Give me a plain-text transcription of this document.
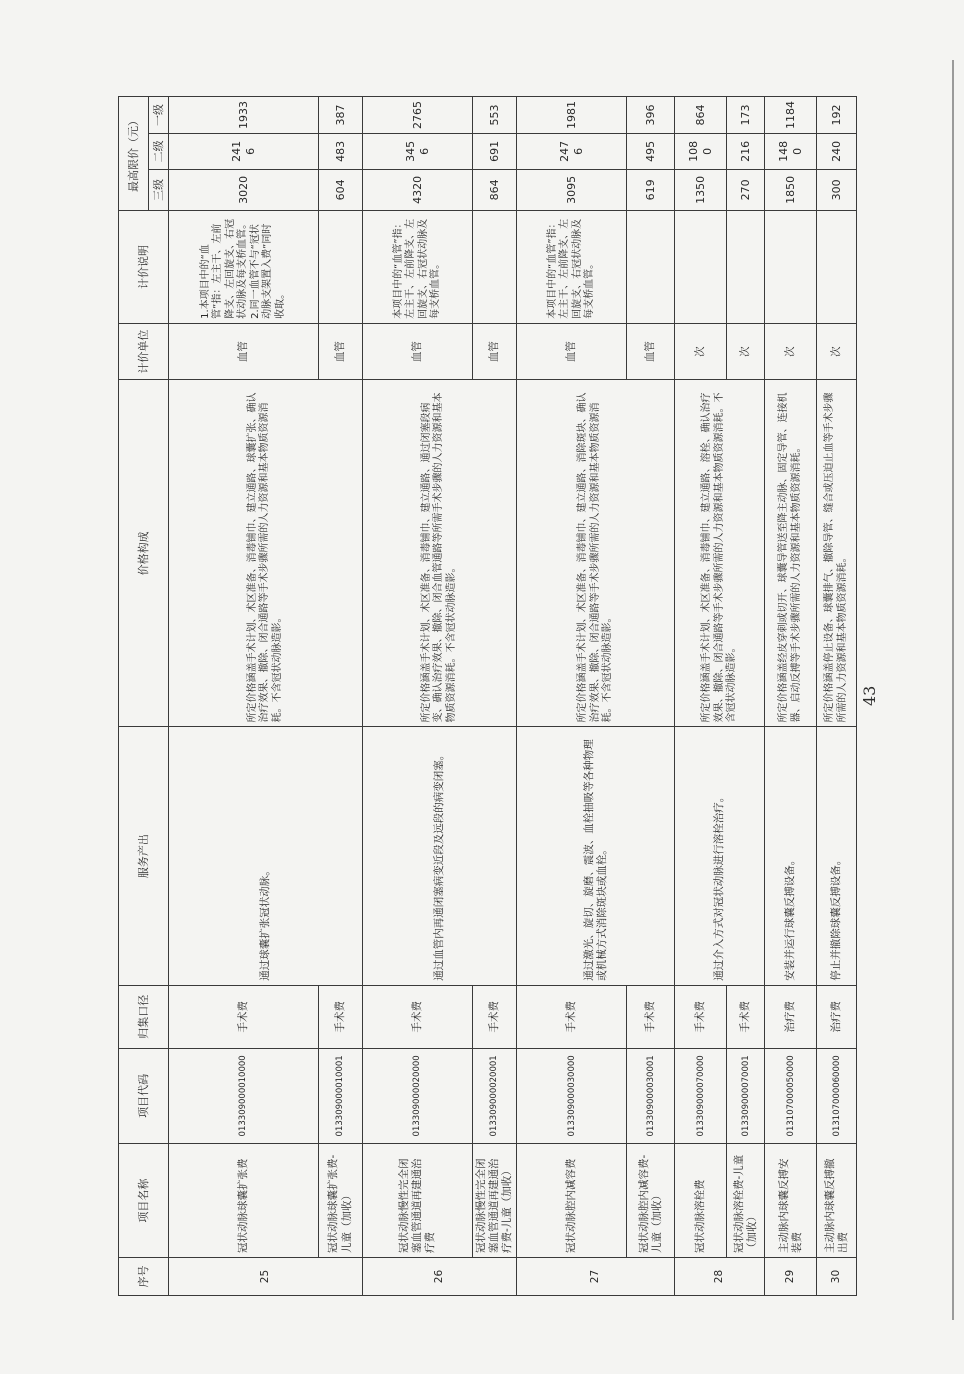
序号	项目名称	项目代码	归集口径	服务产出	价格构成	计价单位	计价说明	最高限价（元）		
								三级	二级	一级
25	冠状动脉球囊扩张费	013309000010000	手术费	通过球囊扩张冠状动脉。	所定价格涵盖手术计划、术区准备、消毒铺巾、建立通路、球囊扩张、确认治疗效果、撤除、闭合通路等手术步骤所需的人力资源和基本物质资源消耗。不含冠状动脉造影。	血管	1.本项目中的“血管”指：左主干、左前降支、左回旋支、右冠状动脉及每支桥血管。2.同一血管不与“冠状动脉支架置入费”同时收取。	3020	2416	1933
	冠状动脉球囊扩张费-儿童（加收）	013309000010001	手术费			血管		604	483	387
26	冠状动脉慢性完全闭塞血管通道再建通治疗费	013309000020000	手术费	通过血管内再通闭塞病变近段及远段的病变闭塞。	所定价格涵盖手术计划、术区准备、消毒铺巾、建立通路、通过闭塞段病变、确认治疗效果、撤除、闭合血管通路等所需手术步骤的人力资源和基本物质资源消耗。不含冠状动脉造影。	血管	本项目中的“血管”指：左主干、左前降支、左回旋支、右冠状动脉及每支桥血管。	4320	3456	2765
	冠状动脉慢性完全闭塞血管通道再建通治疗费-儿童（加收）	013309000020001	手术费			血管		864	691	553
27	冠状动脉腔内减容费	013309000030000	手术费	通过激光、旋切、旋磨、震波、血栓抽吸等各种物理或机械方式消除斑块或血栓。	所定价格涵盖手术计划、术区准备、消毒铺巾、建立通路、消除斑块、确认治疗效果、撤除、闭合通路等手术步骤所需的人力资源和基本物质资源消耗。不含冠状动脉造影。	血管	本项目中的“血管”指：左主干、左前降支、左回旋支、右冠状动脉及每支桥血管。	3095	2476	1981
	冠状动脉腔内减容费-儿童（加收）	013309000030001	手术费			血管		619	495	396
28	冠状动脉溶栓费	013309000070000	手术费	通过介入方式对冠状动脉进行溶栓治疗。	所定价格涵盖手术计划、术区准备、消毒铺巾、建立通路、溶栓、确认治疗效果、撤除、闭合通路等手术步骤所需的人力资源和基本物质资源消耗。不含冠状动脉造影。	次		1350	1080	864
	冠状动脉溶栓费-儿童（加收）	013309000070001	手术费			次		270	216	173
29	主动脉内球囊反搏安装费	013107000050000	治疗费	安装并运行球囊反搏设备。	所定价格涵盖经皮穿刺或切开、球囊导管送至降主动脉、固定导管、连接机器、启动反搏等手术步骤所需的人力资源和基本物质资源消耗。	次		1850	1480	1184
30	主动脉内球囊反搏撤出费	013107000060000	治疗费	停止并撤除球囊反搏设备。	所定价格涵盖停止设备、球囊排气、撤除导管、缝合或压迫止血等手术步骤所需的人力资源和基本物质资源消耗。	次		300	240	192
43
